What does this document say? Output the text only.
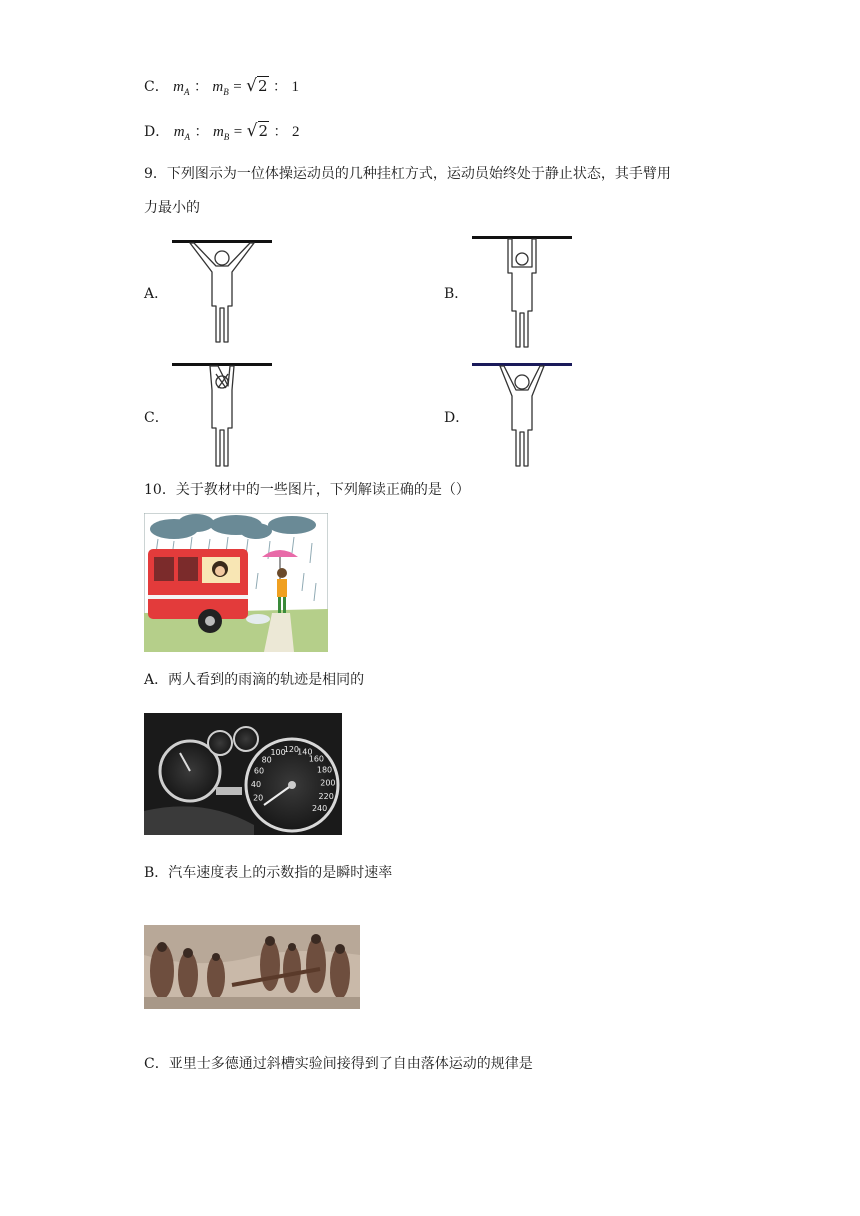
C． $m_A$ ： $m_B = √2$ ： 1
D． $m_A$ ： $m_B = √2$ ： 2
9．下列图示为一位体操运动员的几种挂杠方式，运动员始终处于静止状态，其手臂用
力最小的
A．	B．
C．	D．
10．关于教材中的一些图片，下列解读正确的是（）
A．两人看到的雨滴的轨迹是相同的
20
40
60
80
100
120
140
160
180
200
220
240
B．汽车速度表上的示数指的是瞬时速率
C．亚里士多德通过斜槽实验间接得到了自由落体运动的规律是
